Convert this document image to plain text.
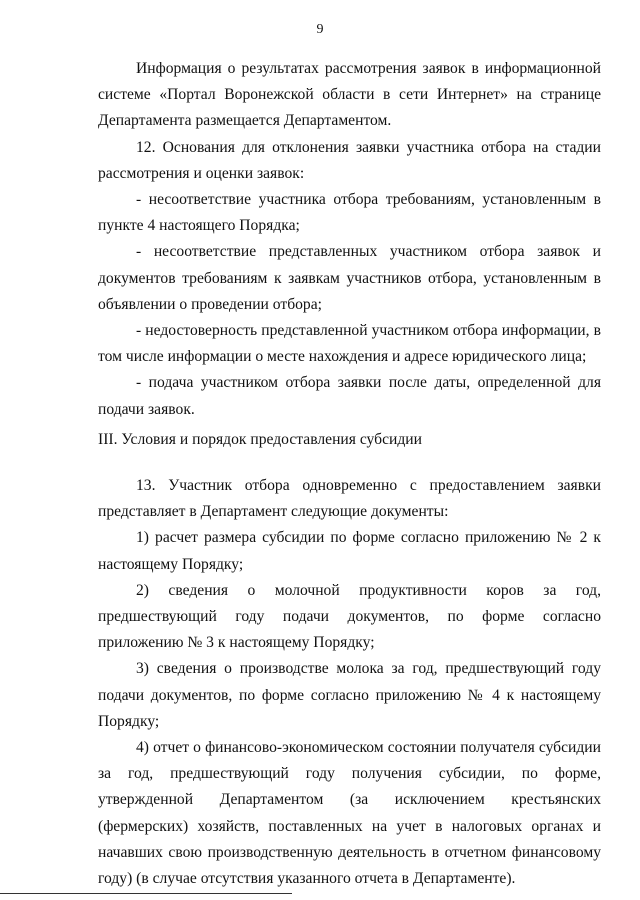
9

Информация о результатах рассмотрения заявок в информационной системе «Портал Воронежской области в сети Интернет» на странице Департамента размещается Департаментом.

12. Основания для отклонения заявки участника отбора на стадии рассмотрения и оценки заявок:

- несоответствие участника отбора требованиям, установленным в пункте 4 настоящего Порядка;

- несоответствие представленных участником отбора заявок и документов требованиям к заявкам участников отбора, установленным в объявлении о проведении отбора;

- недостоверность представленной участником отбора информации, в том числе информации о месте нахождения и адресе юридического лица;

- подача участником отбора заявки после даты, определенной для подачи заявок.

III. Условия и порядок предоставления субсидии

13. Участник отбора одновременно с предоставлением заявки представляет в Департамент следующие документы:

1) расчет размера субсидии по форме согласно приложению № 2 к настоящему Порядку;

2) сведения о молочной продуктивности коров за год, предшествующий году подачи документов, по форме согласно приложению № 3 к настоящему Порядку;

3) сведения о производстве молока за год, предшествующий году подачи документов, по форме согласно приложению № 4 к настоящему Порядку;

4) отчет о финансово-экономическом состоянии получателя субсидии за год, предшествующий году получения субсидии, по форме, утвержденной Департаментом (за исключением крестьянских (фермерских) хозяйств, поставленных на учет в налоговых органах и начавших свою производственную деятельность в отчетном финансовому году) (в случае отсутствия указанного отчета в Департаменте).
